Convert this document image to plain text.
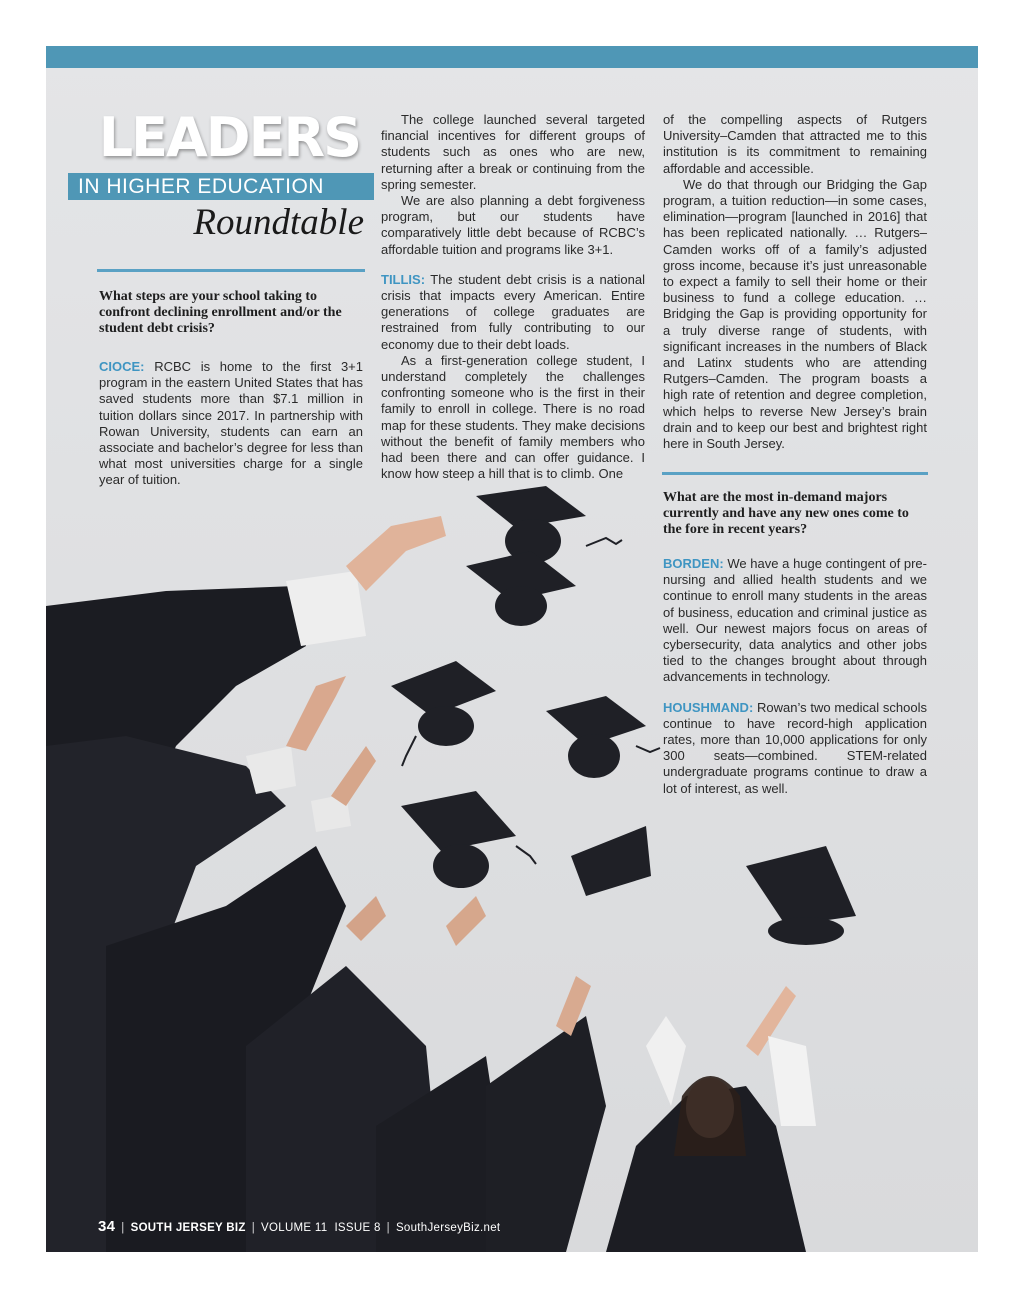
LEADERS
IN HIGHER EDUCATION
Roundtable
What steps are your school taking to confront declining enrollment and/or the student debt crisis?

CIOCE: RCBC is home to the first 3+1 program in the eastern United States that has saved students more than $7.1 million in tuition dollars since 2017. In partnership with Rowan University, students can earn an associate and bachelor’s degree for less than what most universities charge for a single year of tuition.

The college launched several targeted financial incentives for different groups of students such as ones who are new, returning after a break or continuing from the spring semester.

We are also planning a debt forgiveness program, but our students have comparatively little debt because of RCBC’s affordable tuition and programs like 3+1.

TILLIS: The student debt crisis is a national crisis that impacts every American. Entire generations of college graduates are restrained from fully contributing to our economy due to their debt loads.

As a first-generation college student, I understand completely the challenges confronting someone who is the first in their family to enroll in college. There is no road map for these students. They make decisions without the benefit of family members who had been there and can offer guidance. I know how steep a hill that is to climb. One

of the compelling aspects of Rutgers University–Camden that attracted me to this institution is its commitment to remaining affordable and accessible.

We do that through our Bridging the Gap program, a tuition reduction—in some cases, elimination—program [launched in 2016] that has been replicated nationally. … Rutgers–Camden works off of a family’s adjusted gross income, because it’s just unreasonable to expect a family to sell their home or their business to fund a college education. … Bridging the Gap is providing opportunity for a truly diverse range of students, with significant increases in the numbers of Black and Latinx students who are attending Rutgers–Camden. The program boasts a high rate of retention and degree completion, which helps to reverse New Jersey’s brain drain and to keep our best and brightest right here in South Jersey.

What are the most in-demand majors currently and have any new ones come to the fore in recent years?

BORDEN: We have a huge contingent of pre-nursing and allied health students and we continue to enroll many students in the areas of business, education and criminal justice as well. Our newest majors focus on areas of cybersecurity, data analytics and other jobs tied to the changes brought about through advancements in technology.

HOUSHMAND: Rowan’s two medical schools continue to have record-high application rates, more than 10,000 applications for only 300 seats—combined. STEM-related undergraduate programs continue to draw a lot of interest, as well.

34 | SOUTH JERSEY BIZ | VOLUME 11 ISSUE 8 | SouthJerseyBiz.net
